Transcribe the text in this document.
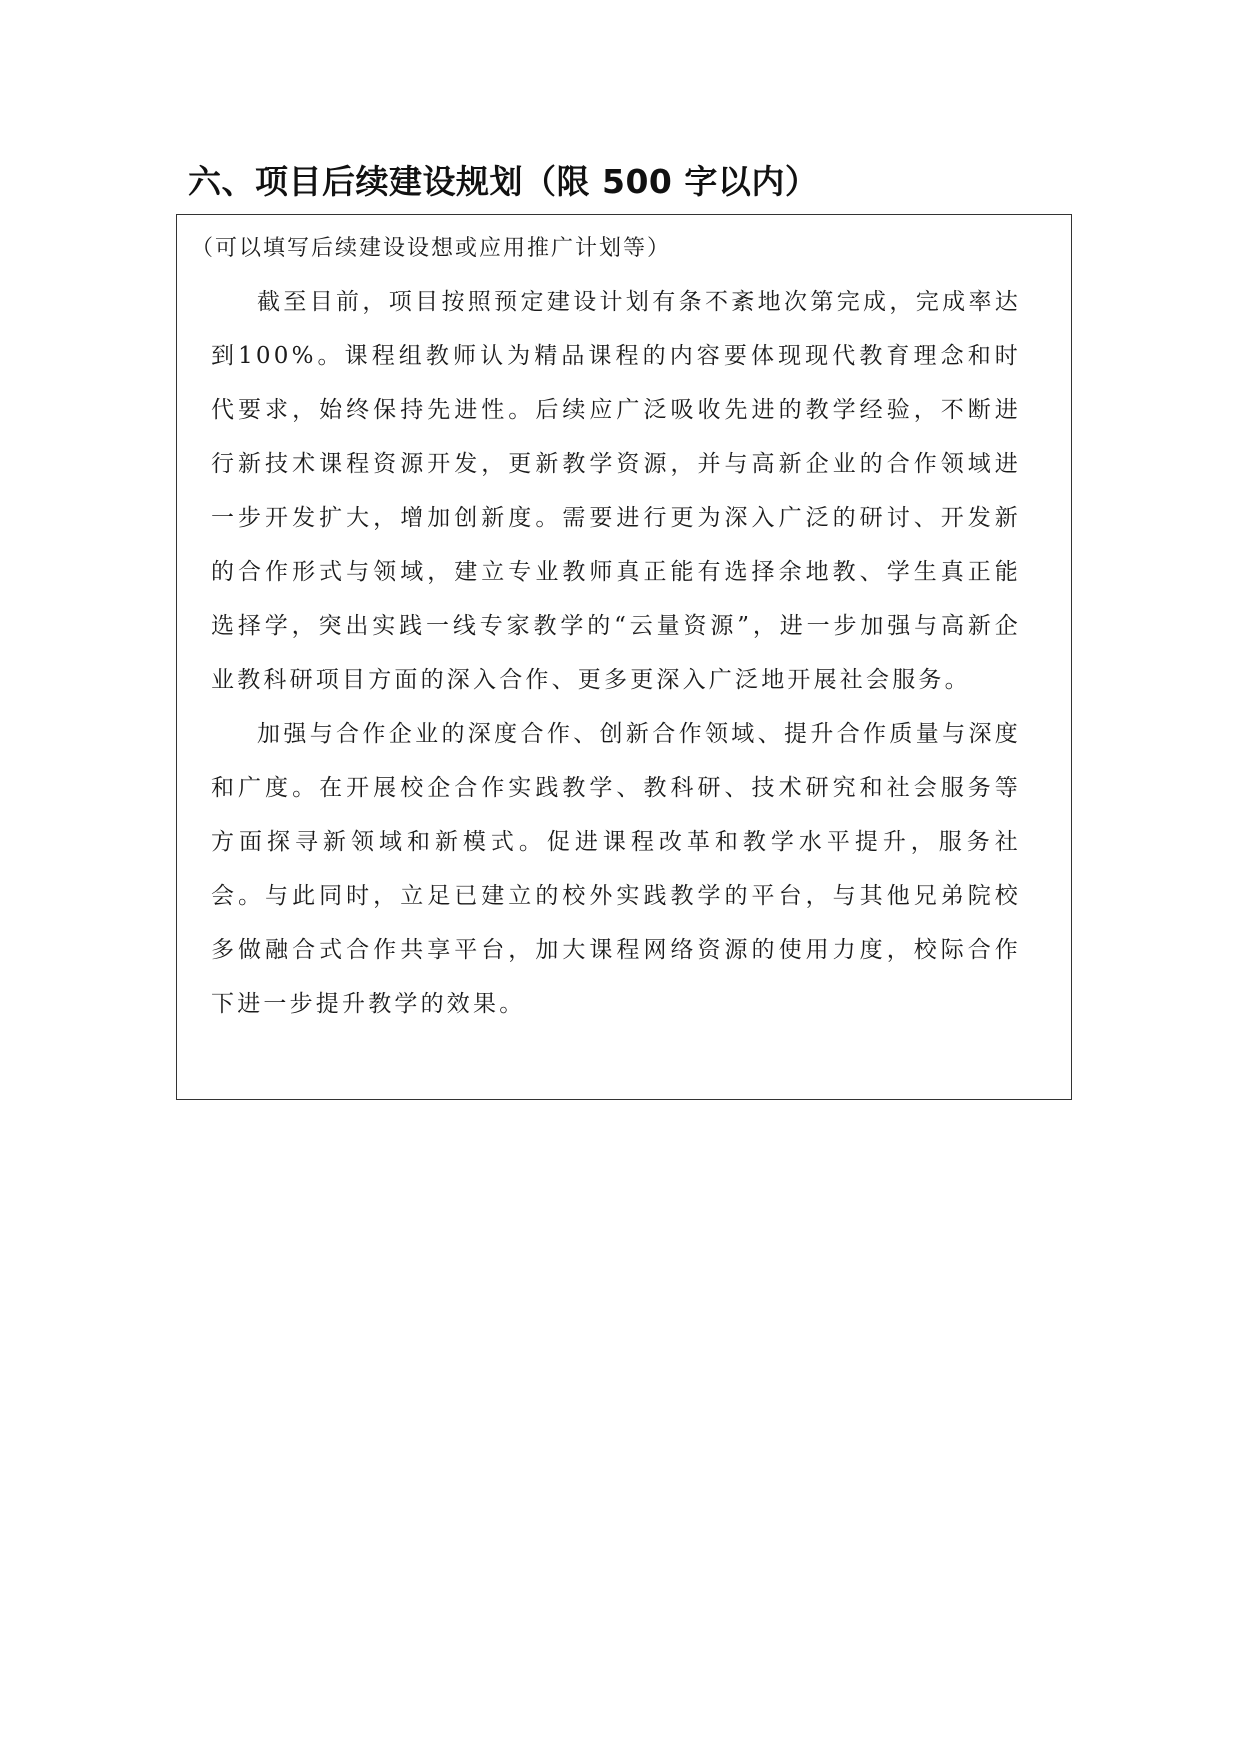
六、项目后续建设规划（限 500 字以内）
（可以填写后续建设设想或应用推广计划等）

截至目前，项目按照预定建设计划有条不紊地次第完成，完成率达到100%。课程组教师认为精品课程的内容要体现现代教育理念和时代要求，始终保持先进性。后续应广泛吸收先进的教学经验，不断进行新技术课程资源开发，更新教学资源，并与高新企业的合作领域进一步开发扩大，增加创新度。需要进行更为深入广泛的研讨、开发新的合作形式与领域，建立专业教师真正能有选择余地教、学生真正能选择学，突出实践一线专家教学的“云量资源”，进一步加强与高新企业教科研项目方面的深入合作、更多更深入广泛地开展社会服务。

加强与合作企业的深度合作、创新合作领域、提升合作质量与深度和广度。在开展校企合作实践教学、教科研、技术研究和社会服务等方面探寻新领域和新模式。促进课程改革和教学水平提升，服务社会。与此同时，立足已建立的校外实践教学的平台，与其他兄弟院校多做融合式合作共享平台，加大课程网络资源的使用力度，校际合作下进一步提升教学的效果。
